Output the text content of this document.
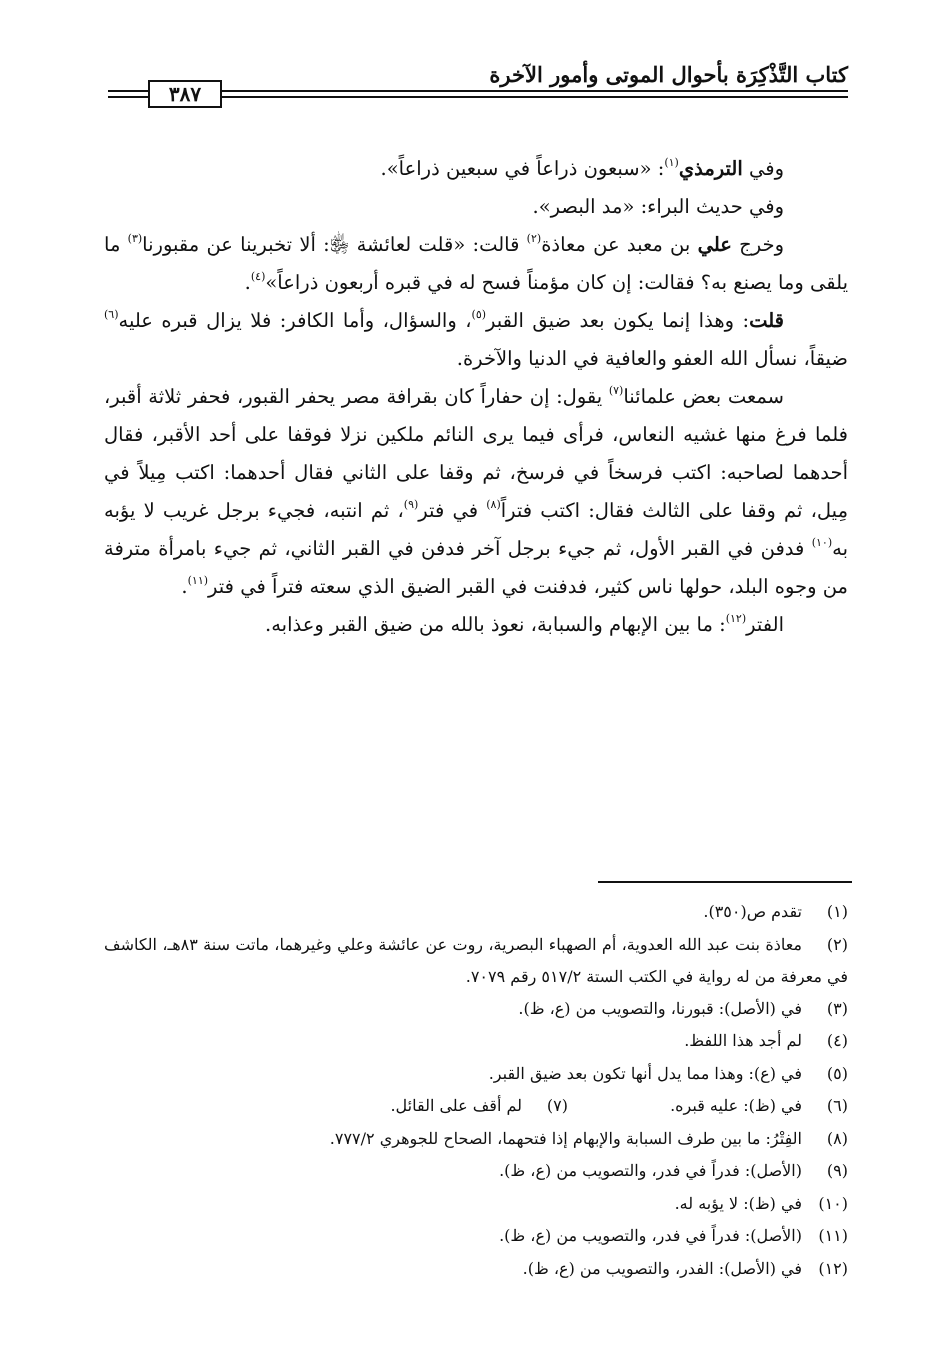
كتاب التَّذْكِرَة بأحوال الموتى وأمور الآخرة
٣٨٧

وفي الترمذي$^{(١)}$: «سبعون ذراعاً في سبعين ذراعاً».

وفي حديث البراء: «مد البصر».

وخرج علي بن معبد عن معاذة$^{(٢)}$ قالت: «قلت لعائشة ﵂: ألا تخبرينا عن مقبورنا$^{(٣)}$ ما يلقى وما يصنع به؟ فقالت: إن كان مؤمناً فسح له في قبره أربعون ذراعاً»$^{(٤)}$.

قلت: وهذا إنما يكون بعد ضيق القبر$^{(٥)}$، والسؤال، وأما الكافر: فلا يزال قبره عليه$^{(٦)}$ ضيقاً، نسأل الله العفو والعافية في الدنيا والآخرة.

سمعت بعض علمائنا$^{(٧)}$ يقول: إن حفاراً كان بقرافة مصر يحفر القبور، فحفر ثلاثة أقبر، فلما فرغ منها غشيه النعاس، فرأى فيما يرى النائم ملكين نزلا فوقفا على أحد الأقبر، فقال أحدهما لصاحبه: اكتب فرسخاً في فرسخ، ثم وقفا على الثاني فقال أحدهما: اكتب مِيلاً في مِيل، ثم وقفا على الثالث فقال: اكتب فتراً$^{(٨)}$ في فتر$^{(٩)}$، ثم انتبه، فجيء برجل غريب لا يؤبه به$^{(١٠)}$ فدفن في القبر الأول، ثم جيء برجل آخر فدفن في القبر الثاني، ثم جيء بامرأة مترفة من وجوه البلد، حولها ناس كثير، فدفنت في القبر الضيق الذي سعته فتراً في فتر$^{(١١)}$.

الفتر$^{(١٢)}$: ما بين الإبهام والسبابة، نعوذ بالله من ضيق القبر وعذابه.

(١)تقدم ص(٣٥٠).

(٢)معاذة بنت عبد الله العدوية، أم الصهباء البصرية، روت عن عائشة وعلي وغيرهما، ماتت سنة ٨٣هـ، الكاشف في معرفة من له رواية في الكتب الستة ٥١٧/٢ رقم ٧٠٧٩.

(٣)في (الأصل): قبورنا، والتصويب من (ع، ظ).

(٤)لم أجد هذا اللفظ.

(٥)في (ع): وهذا مما يدل أنها تكون بعد ضيق القبر.

(٦)في (ظ): عليه قبره.
(٧)لم أقف على القائل.

(٨)الفِتْرُ: ما بين طرف السبابة والإبهام إذا فتحهما، الصحاح للجوهري ٧٧٧/٢.

(٩)(الأصل): فدراً في فدر، والتصويب من (ع، ظ).

(١٠)في (ظ): لا يؤبه له.

(١١)(الأصل): فدراً في فدر، والتصويب من (ع، ظ).

(١٢)في (الأصل): الفدر، والتصويب من (ع، ظ).
